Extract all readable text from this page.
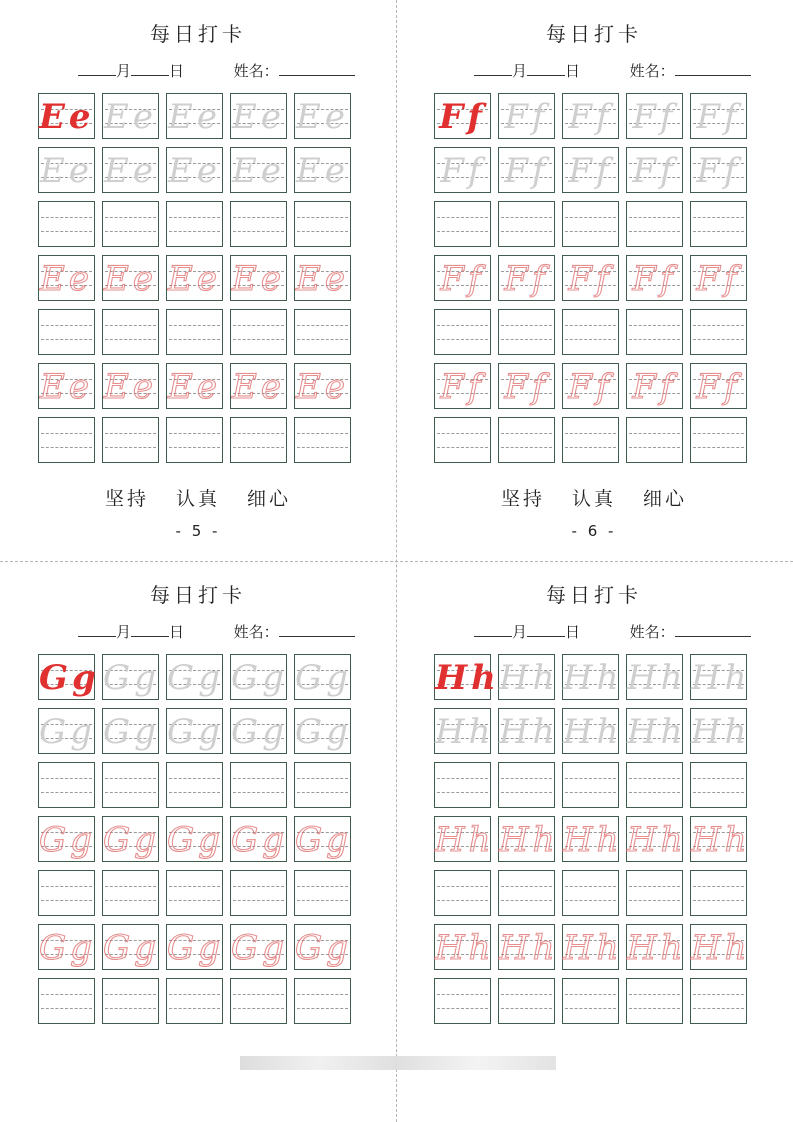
每日打卡
月	日	姓名：
Ee Ee Ee Ee Ee
Ee Ee Ee Ee Ee
Ee Ee Ee Ee Ee
Ee Ee Ee Ee Ee
坚持 认真 细心
- 5 -
每日打卡
月	日	姓名：
Ff Ff Ff Ff Ff
Ff Ff Ff Ff Ff
Ff Ff Ff Ff Ff
Ff Ff Ff Ff Ff
坚持 认真 细心
- 6 -
每日打卡
月	日	姓名：
Gg Gg Gg Gg Gg
Gg Gg Gg Gg Gg
Gg Gg Gg Gg Gg
Gg Gg Gg Gg Gg
每日打卡
月	日	姓名：
Hh Hh Hh Hh Hh
Hh Hh Hh Hh Hh
Hh Hh Hh Hh Hh
Hh Hh Hh Hh Hh
